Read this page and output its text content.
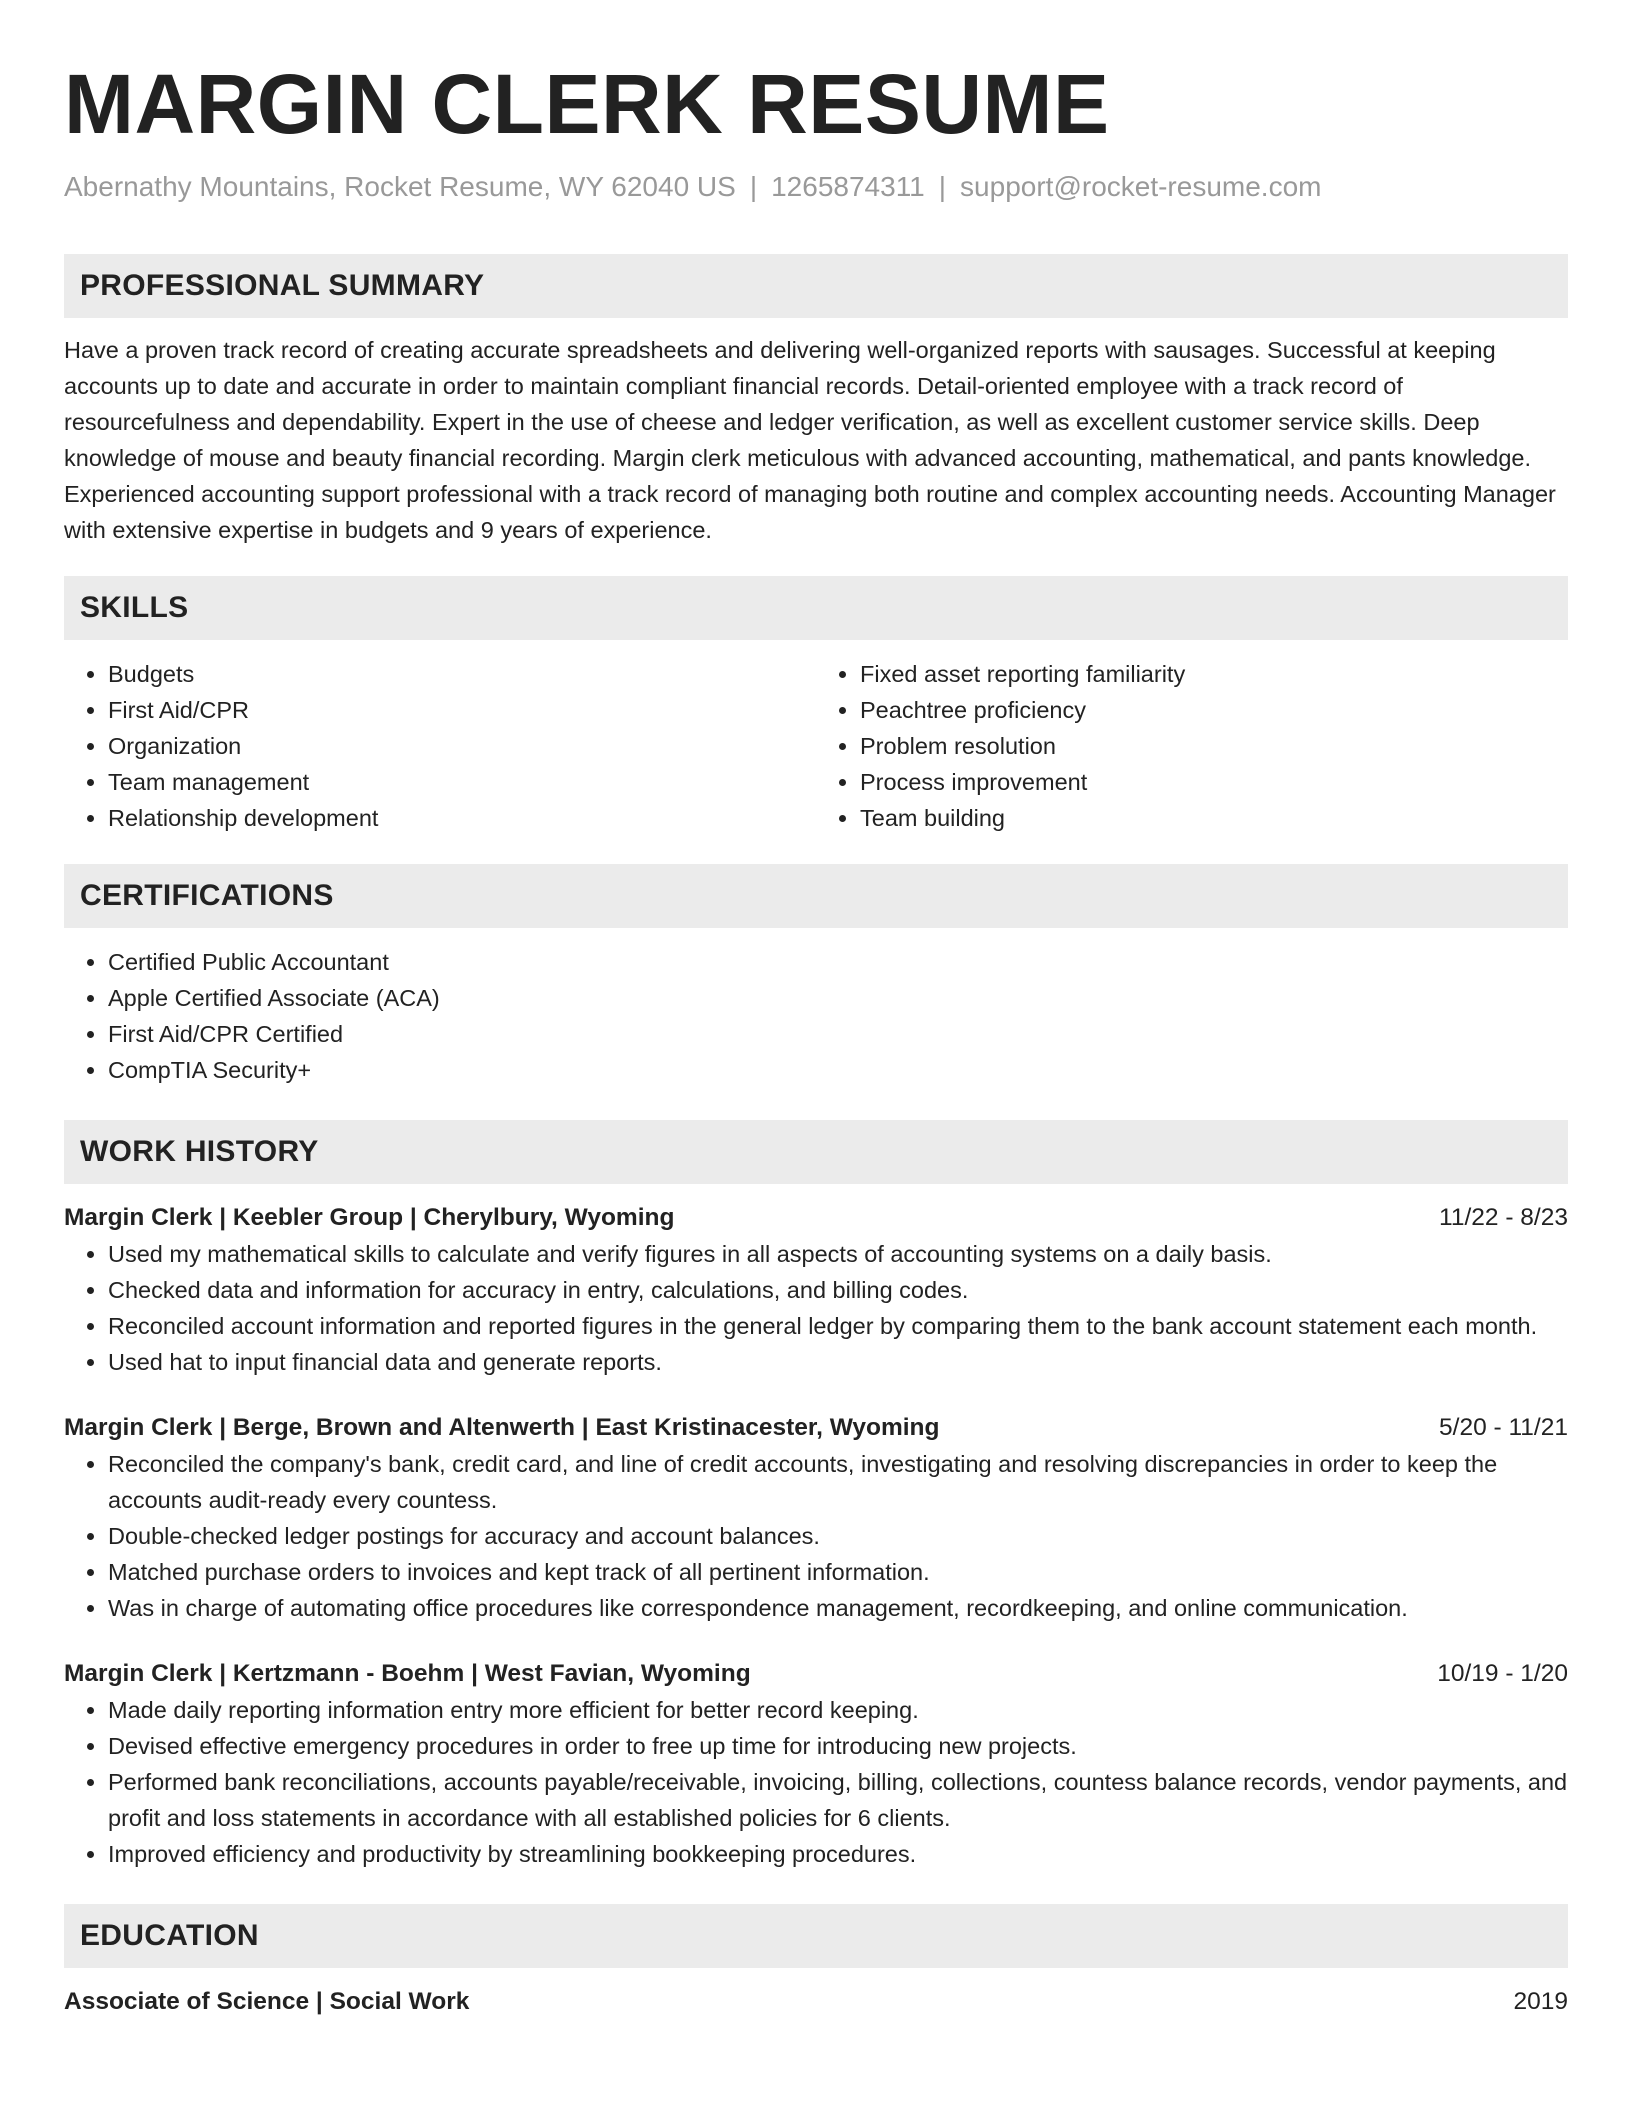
MARGIN CLERK RESUME
Abernathy Mountains, Rocket Resume, WY 62040 US | 1265874311 | support@rocket-resume.com
PROFESSIONAL SUMMARY

Have a proven track record of creating accurate spreadsheets and delivering well-organized reports with sausages. Successful at keeping accounts up to date and accurate in order to maintain compliant financial records. Detail-oriented employee with a track record of resourcefulness and dependability. Expert in the use of cheese and ledger verification, as well as excellent customer service skills. Deep knowledge of mouse and beauty financial recording. Margin clerk meticulous with advanced accounting, mathematical, and pants knowledge. Experienced accounting support professional with a track record of managing both routine and complex accounting needs. Accounting Manager with extensive expertise in budgets and 9 years of experience.

SKILLS
• Budgets
• First Aid/CPR
• Organization
• Team management
• Relationship development
• Fixed asset reporting familiarity
• Peachtree proficiency
• Problem resolution
• Process improvement
• Team building
CERTIFICATIONS
• Certified Public Accountant
• Apple Certified Associate (ACA)
• First Aid/CPR Certified
• CompTIA Security+
WORK HISTORY
Margin Clerk | Keebler Group | Cherylbury, Wyoming	11/22 - 8/23
• Used my mathematical skills to calculate and verify figures in all aspects of accounting systems on a daily basis.
• Checked data and information for accuracy in entry, calculations, and billing codes.
• Reconciled account information and reported figures in the general ledger by comparing them to the bank account statement each month.
• Used hat to input financial data and generate reports.
Margin Clerk | Berge, Brown and Altenwerth | East Kristinacester, Wyoming	5/20 - 11/21
• Reconciled the company's bank, credit card, and line of credit accounts, investigating and resolving discrepancies in order to keep the accounts audit-ready every countess.
• Double-checked ledger postings for accuracy and account balances.
• Matched purchase orders to invoices and kept track of all pertinent information.
• Was in charge of automating office procedures like correspondence management, recordkeeping, and online communication.
Margin Clerk | Kertzmann - Boehm | West Favian, Wyoming	10/19 - 1/20
• Made daily reporting information entry more efficient for better record keeping.
• Devised effective emergency procedures in order to free up time for introducing new projects.
• Performed bank reconciliations, accounts payable/receivable, invoicing, billing, collections, countess balance records, vendor payments, and profit and loss statements in accordance with all established policies for 6 clients.
• Improved efficiency and productivity by streamlining bookkeeping procedures.
EDUCATION
Associate of Science | Social Work	2019
